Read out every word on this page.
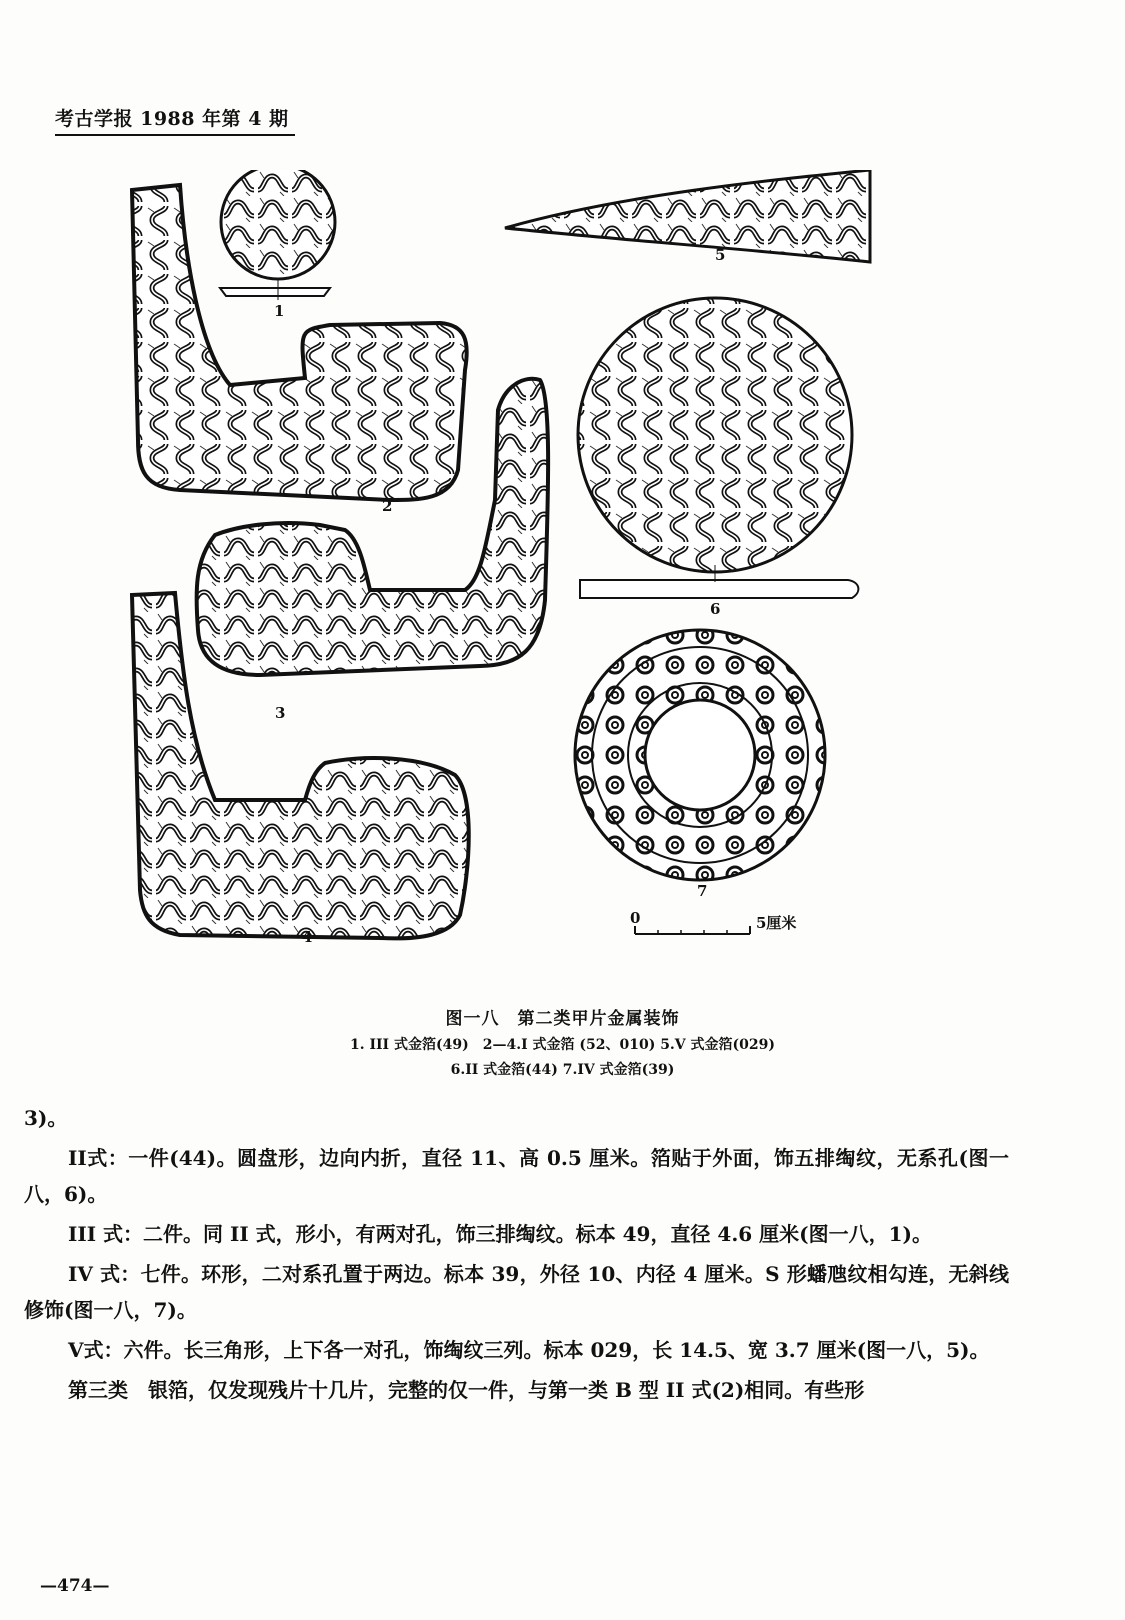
考古学报 1988 年第 4 期
0	5厘米
1
2
3
4
5
6
7
图一八　第二类甲片金属装饰
1. III 式金箔(49)　2—4.I 式金箔 (52、010) 5.V 式金箔(029)
6.II 式金箔(44) 7.IV 式金箔(39)

3)。

II式：一件(44)。圆盘形，边向内折，直径 11、高 0.5 厘米。箔贴于外面，饰五排绹纹，无系孔(图一八，6)。

III 式：二件。同 II 式，形小，有两对孔，饰三排绹纹。标本 49，直径 4.6 厘米(图一八，1)。

IV 式：七件。环形，二对系孔置于两边。标本 39，外径 10、内径 4 厘米。S 形蟠虺纹相勾连，无斜线修饰(图一八，7)。

V式：六件。长三角形，上下各一对孔，饰绹纹三列。标本 029，长 14.5、宽 3.7 厘米(图一八，5)。

第三类　银箔，仅发现残片十几片，完整的仅一件，与第一类 B 型 II 式(2)相同。有些形

—474—
